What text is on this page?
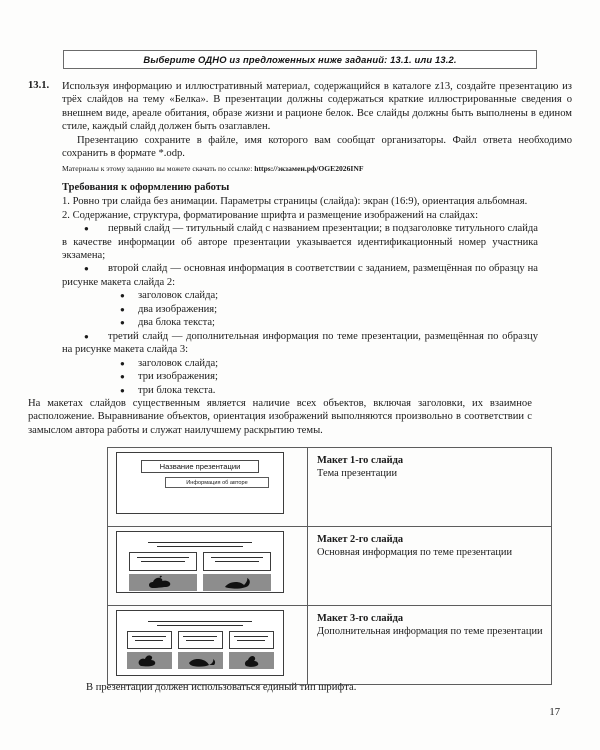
Выберите ОДНО из предложенных ниже заданий: 13.1. или 13.2.
13.1. Используя информацию и иллюстративный материал, содержащийся в каталоге z13, создайте презентацию из трёх слайдов на тему «Белка». В презентации должны содержаться краткие иллюстрированные сведения о внешнем виде, ареале обитания, образе жизни и рационе белок. Все слайды должны быть выполнены в едином стиле, каждый слайд должен быть озаглавлен.

Презентацию сохраните в файле, имя которого вам сообщат организаторы. Файл ответа необходимо сохранить в формате *.odp.

Материалы к этому заданию вы можете скачать по ссылке: https://экзамен.рф/OGE2026INF

Требования к оформлению работы

1. Ровно три слайда без анимации. Параметры страницы (слайда): экран (16:9), ориентация альбомная.

2. Содержание, структура, форматирование шрифта и размещение изображений на слайдах:

●	первый слайд — титульный слайд с названием презентации; в подзаголовке титульного слайда в качестве информации об авторе презентации указывается идентификационный номер участника экзамена;
●	второй слайд — основная информация в соответствии с заданием, размещённая по образцу на рисунке макета слайда 2:
●	заголовок слайда;
●	два изображения;
●	два блока текста;
●	третий слайд — дополнительная информация по теме презентации, размещённая по образцу на рисунке макета слайда 3:
●	заголовок слайда;
●	три изображения;
●	три блока текста.

На макетах слайдов существенным является наличие всех объектов, включая заголовки, их взаимное расположение. Выравнивание объектов, ориентация изображений выполняются произвольно в соответствии с замыслом автора работы и служат наилучшему раскрытию темы.

Название презентации
Информация об авторе

Макет 1-го слайда
Тема презентации

Макет 2-го слайда
Основная информация по теме презентации

Макет 3-го слайда
Дополнительная информация по теме презентации
В презентации должен использоваться единый тип шрифта.
17
